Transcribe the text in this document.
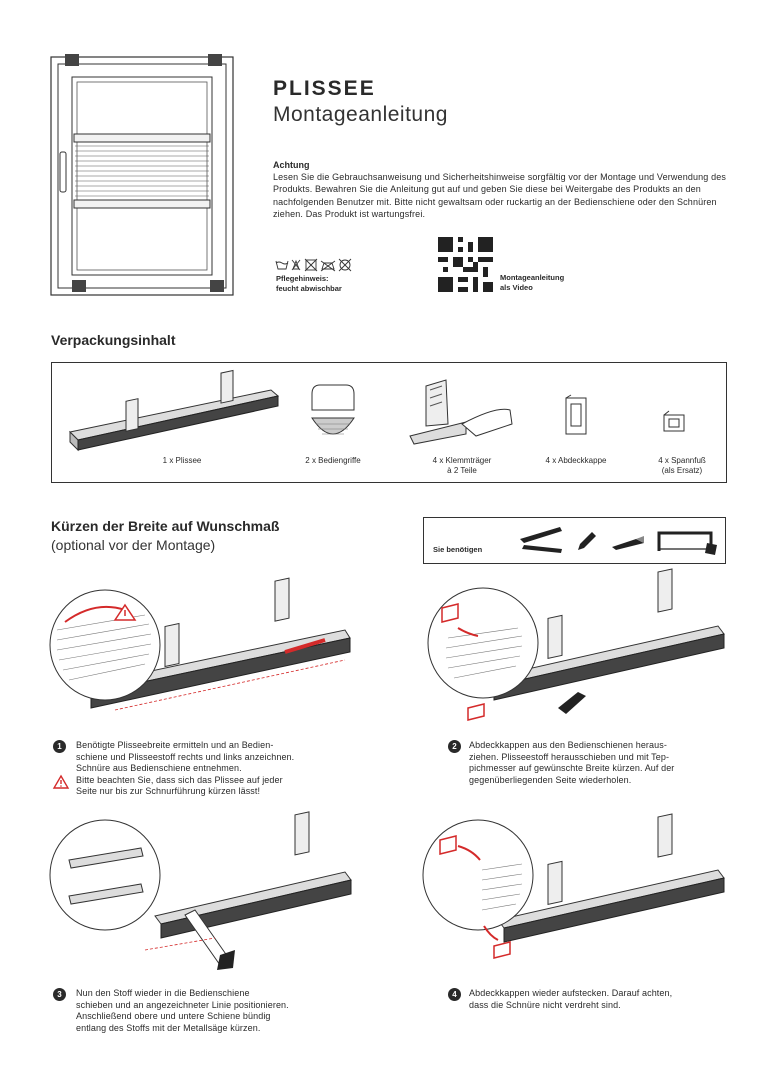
PLISSEE
Montageanleitung
Achtung
Lesen Sie die Gebrauchsanweisung und Sicherheitshinweise sorgfältig vor der Montage und Verwendung des Produkts. Bewahren Sie die Anleitung gut auf und geben Sie diese bei Weitergabe des Produkts an den nachfolgenden Benutzer mit. Bitte nicht gewaltsam oder ruckartig an der Bedienschiene oder den Schnüren ziehen. Das Produkt ist wartungsfrei.
Pflegehinweis:
feucht abwischbar
Montageanleitung
als Video
Verpackungsinhalt
1 x Plissee	2 x Bediengriffe	4 x Klemmträger
à 2 Teile
4 x Abdeckkappe	4 x Spannfuß
(als Ersatz)
Kürzen der Breite auf Wunschmaß
(optional vor der Montage)	Sie benötigen
1	Benötigte Plisseebreite ermitteln und an Bedien-
schiene und Plisseestoff rechts und links anzeichnen.
Schnüre aus Bedienschiene entnehmen.
Bitte beachten Sie, dass sich das Plissee auf jeder
Seite nur bis zur Schnurführung kürzen lässt!
2	Abdeckkappen aus den Bedienschienen heraus-
ziehen. Plisseestoff herausschieben und mit Tep-
pichmesser auf gewünschte Breite kürzen. Auf der
gegenüberliegenden Seite wiederholen.
3	Nun den Stoff wieder in die Bedienschiene
schieben und an angezeichneter Linie positionieren.
Anschließend obere und untere Schiene bündig
entlang des Stoffs mit der Metallsäge kürzen.
4	Abdeckkappen wieder aufstecken. Darauf achten,
dass die Schnüre nicht verdreht sind.
